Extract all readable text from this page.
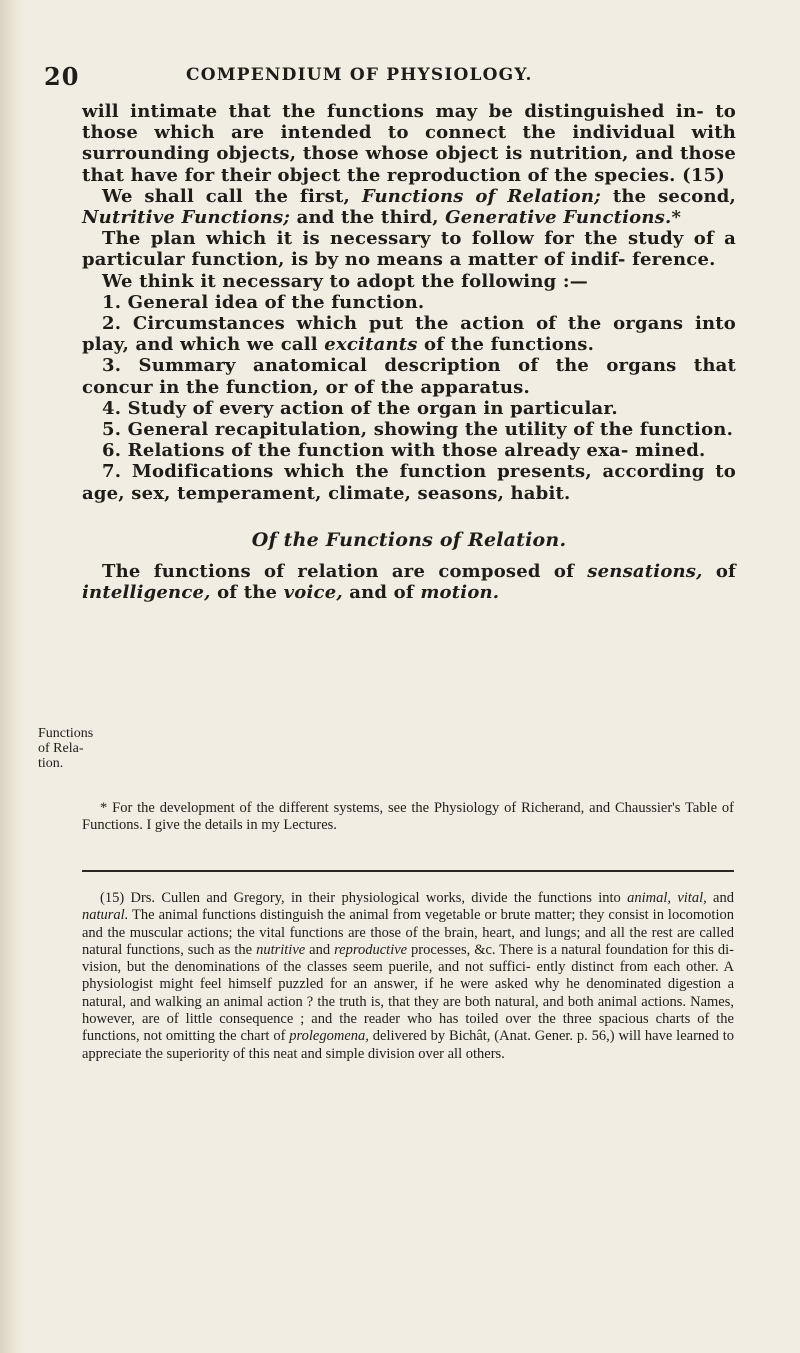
20	COMPENDIUM OF PHYSIOLOGY.

will intimate that the functions may be distinguished in- to those which are intended to connect the individual with surrounding objects, those whose object is nutrition, and those that have for their object the reproduction of the species. (15)

We shall call the first, Functions of Relation; the second, Nutritive Functions; and the third, Generative Functions.*

The plan which it is necessary to follow for the study of a particular function, is by no means a matter of indif- ference.

We think it necessary to adopt the following :—

1. General idea of the function.

2. Circumstances which put the action of the organs into play, and which we call excitants of the functions.

3. Summary anatomical description of the organs that concur in the function, or of the apparatus.

4. Study of every action of the organ in particular.

5. General recapitulation, showing the utility of the function.

6. Relations of the function with those already exa- mined.

7. Modifications which the function presents, according to age, sex, temperament, climate, seasons, habit.

Of the Functions of Relation.

The functions of relation are composed of sensations, of intelligence, of the voice, and of motion.

Functions of Rela- tion.
* For the development of the different systems, see the Physiology of Richerand, and Chaussier's Table of Functions. I give the details in my Lectures.
(15) Drs. Cullen and Gregory, in their physiological works, divide the functions into animal, vital, and natural. The animal functions distinguish the animal from vegetable or brute matter; they consist in locomotion and the muscular actions; the vital functions are those of the brain, heart, and lungs; and all the rest are called natural functions, such as the nutritive and reproductive processes, &c. There is a natural foundation for this di- vision, but the denominations of the classes seem puerile, and not suffici- ently distinct from each other. A physiologist might feel himself puzzled for an answer, if he were asked why he denominated digestion a natural, and walking an animal action ? the truth is, that they are both natural, and both animal actions. Names, however, are of little consequence ; and the reader who has toiled over the three spacious charts of the functions, not omitting the chart of prolegomena, delivered by Bichât, (Anat. Gener. p. 56,) will have learned to appreciate the superiority of this neat and simple division over all others.
